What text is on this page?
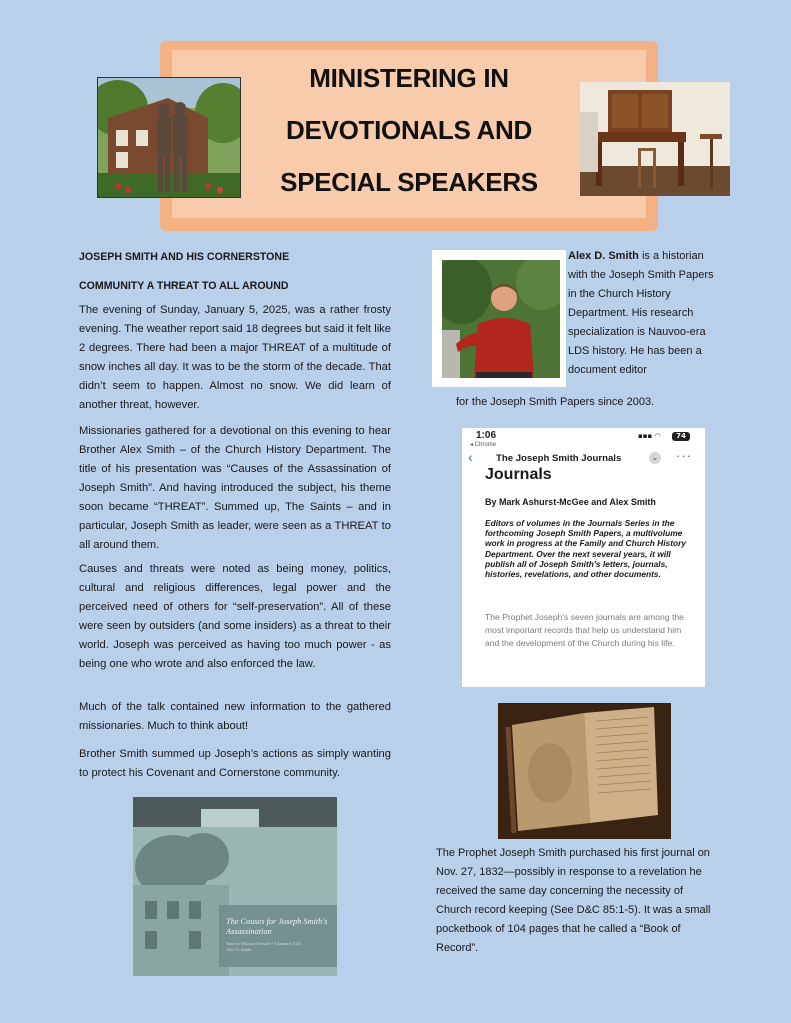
MINISTERING IN
DEVOTIONALS AND
SPECIAL SPEAKERS
JOSEPH SMITH AND HIS CORNERSTONE
COMMUNITY A THREAT TO ALL AROUND
The evening of Sunday, January 5, 2025, was a rather frosty evening. The weather report said 18 degrees but said it felt like 2 degrees. There had been a major THREAT of a multitude of snow inches all day. It was to be the storm of the decade. That didn’t seem to happen. Almost no snow. We did learn of another threat, however.
Missionaries gathered for a devotional on this evening to hear Brother Alex Smith – of the Church History Department. The title of his presentation was “Causes of the Assassination of Joseph Smith”. And having introduced the subject, his theme soon became “THREAT”. Summed up, The Saints – and in particular, Joseph Smith as leader, were seen as a THREAT to all around them.
Causes and threats were noted as being money, politics, cultural and religious differences, legal power and the perceived need of others for “self-preservation”. All of these were seen by outsiders (and some insiders) as a threat to their world. Joseph was perceived as having too much power - as being one who wrote and also enforced the law.
Much of the talk contained new information to the gathered missionaries. Much to think about!
Brother Smith summed up Joseph’s actions as simply wanting to protect his Covenant and Cornerstone community.
The Causes for Joseph Smith's Assassination
Nauvoo Mission Fireside • 5 January 2025
Alex D. Smith
Alex D. Smith is a historian with the Joseph Smith Papers in the Church History Department. His research specialization is Nauvoo-era LDS history. He has been a document editor
for the Joseph Smith Papers since 2003.
1:06
◂ Chrome
▪▪▪ ◠	74
‹ The Joseph Smith Journals	⌄ ···
Journals
By Mark Ashurst-McGee and Alex Smith
Editors of volumes in the Journals Series in the forthcoming Joseph Smith Papers, a multivolume work in progress at the Family and Church History Department. Over the next several years, it will publish all of Joseph Smith's letters, journals, histories, revelations, and other documents.
The Prophet Joseph's seven journals are among the most important records that help us understand him and the development of the Church during his life.
The Prophet Joseph Smith purchased his first journal on Nov. 27, 1832—possibly in response to a revelation he received the same day concerning the necessity of Church record keeping (See D&C 85:1-5). It was a small pocketbook of 104 pages that he called a “Book of Record”.
